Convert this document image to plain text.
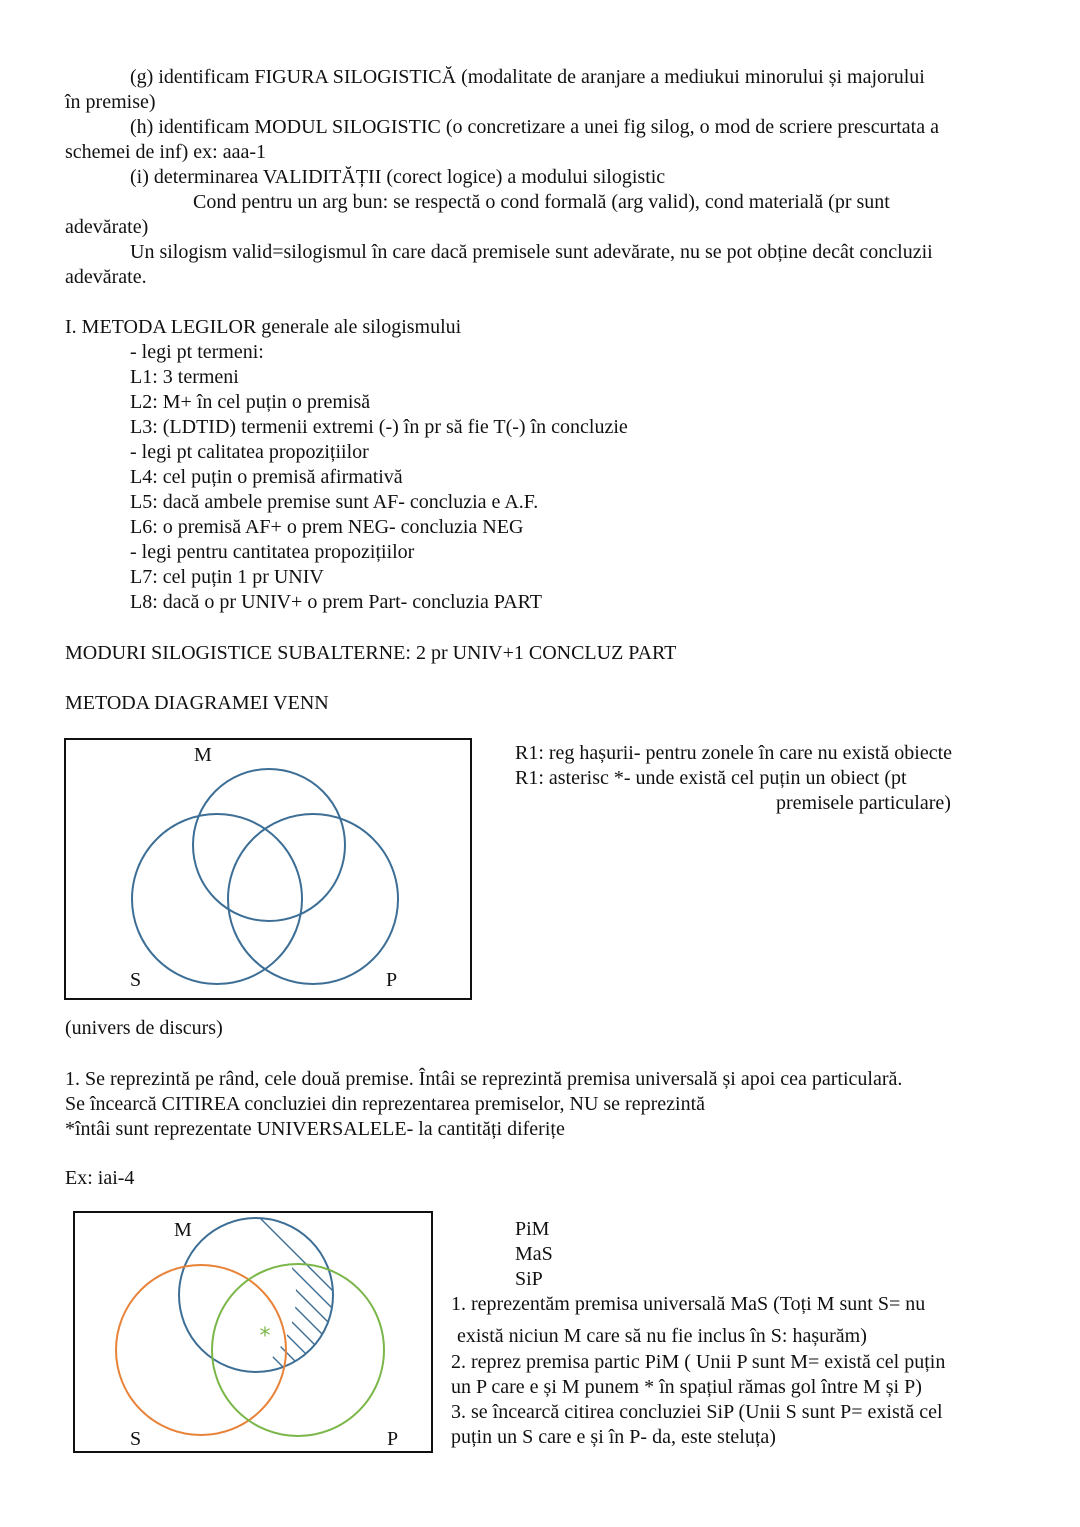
(g) identificam FIGURA SILOGISTICĂ (modalitate de aranjare a mediukui minorului și majorului
în premise)
(h) identificam MODUL SILOGISTIC (o concretizare a unei fig silog, o mod de scriere prescurtata a
schemei de inf) ex: aaa-1
(i) determinarea VALIDITĂȚII (corect logice) a modului silogistic
Cond pentru un arg bun: se respectă o cond formală (arg valid), cond materială (pr sunt
adevărate)
Un silogism valid=silogismul în care dacă premisele sunt adevărate, nu se pot obține decât concluzii
adevărate.
I. METODA LEGILOR generale ale silogismului
- legi pt termeni:
L1: 3 termeni
L2: M+ în cel puțin o premisă
L3: (LDTID) termenii extremi (-) în pr să fie T(-) în concluzie
- legi pt calitatea propozițiilor
L4: cel puțin o premisă afirmativă
L5: dacă ambele premise sunt AF- concluzia e A.F.
L6: o premisă AF+ o prem NEG- concluzia NEG
- legi pentru cantitatea propozițiilor
L7: cel puțin 1 pr UNIV
L8: dacă o pr UNIV+ o prem Part- concluzia PART
MODURI SILOGISTICE SUBALTERNE: 2 pr UNIV+1 CONCLUZ PART
METODA DIAGRAMEI VENN
M
S	P
R1: reg hașurii- pentru zonele în care nu există obiecte
R1: asterisc *- unde există cel puțin un obiect (pt
premisele particulare)
(univers de discurs)
1. Se reprezintă pe rând, cele două premise. Întâi se reprezintă premisa universală și apoi cea particulară.
Se încearcă CITIREA concluziei din reprezentarea premiselor, NU se reprezintă
*întâi sunt reprezentate UNIVERSALELE- la cantități diferițe
Ex: iai-4
*
M
S	P
PiM
MaS
SiP
1. reprezentăm premisa universală MaS (Toți M sunt S= nu
există niciun M care să nu fie inclus în S: hașurăm)
2. reprez premisa partic PiM ( Unii P sunt M= există cel puțin
un P care e și M punem * în spațiul rămas gol între M și P)
3. se încearcă citirea concluziei SiP (Unii S sunt P= există cel
puțin un S care e și în P- da, este steluța)
